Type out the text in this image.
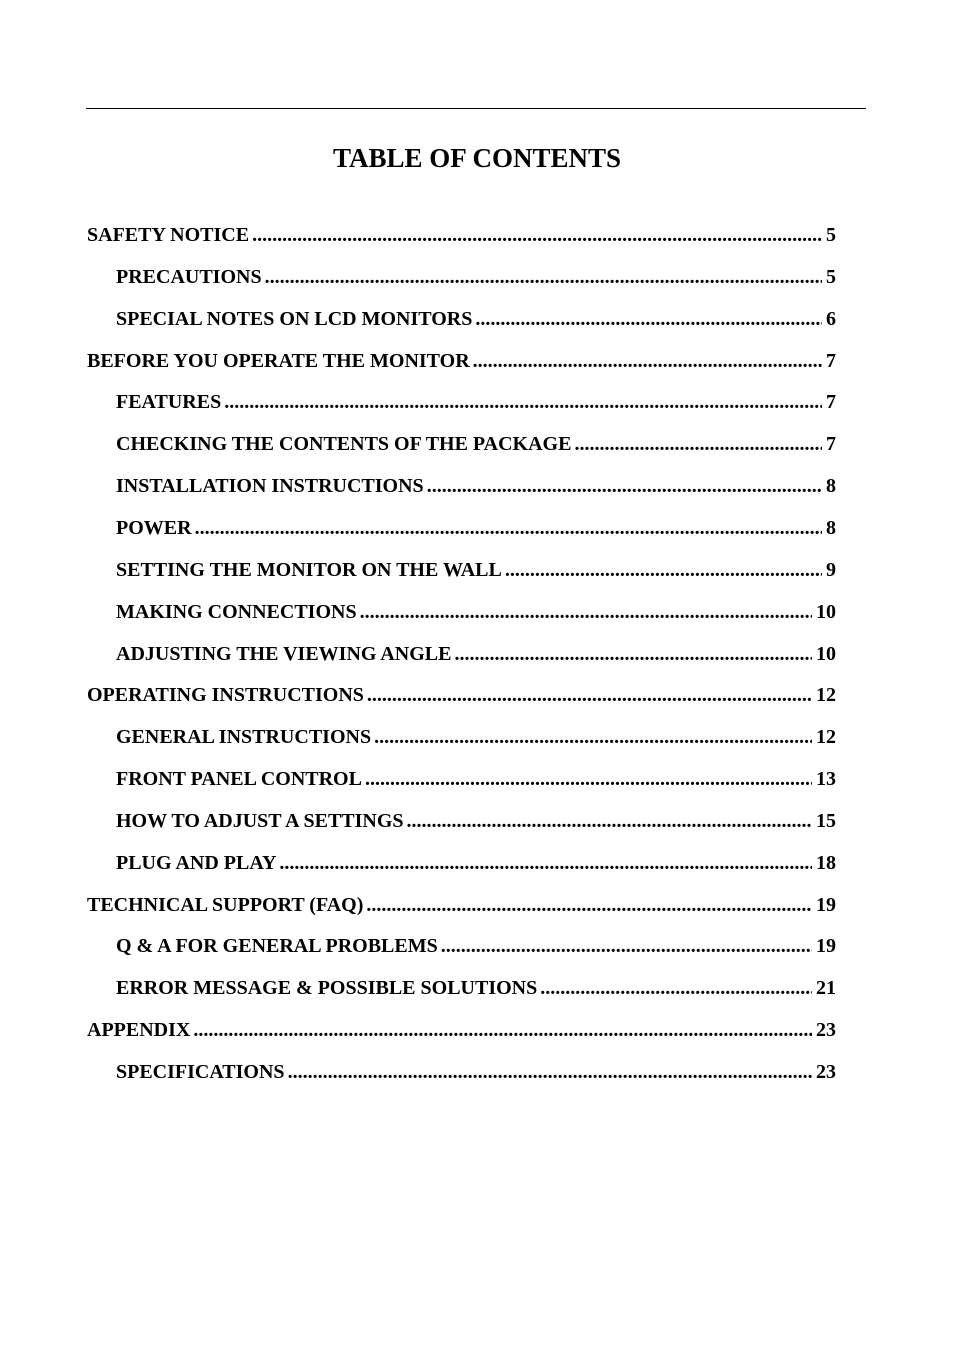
TABLE OF CONTENTS
SAFETY NOTICE .....	5
PRECAUTIONS .....	5
SPECIAL NOTES ON LCD MONITORS .....	6
BEFORE YOU OPERATE THE MONITOR .....	7
FEATURES .....	7
CHECKING THE CONTENTS OF THE PACKAGE .....	7
INSTALLATION INSTRUCTIONS .....	8
POWER .....	8
SETTING THE MONITOR ON THE WALL .....	9
MAKING CONNECTIONS .....	10
ADJUSTING THE VIEWING ANGLE .....	10
OPERATING INSTRUCTIONS .....	12
GENERAL INSTRUCTIONS .....	12
FRONT PANEL CONTROL .....	13
HOW TO ADJUST A SETTINGS .....	15
PLUG AND PLAY .....	18
TECHNICAL SUPPORT (FAQ) .....	19
Q & A FOR GENERAL PROBLEMS .....	19
ERROR MESSAGE & POSSIBLE SOLUTIONS .....	21
APPENDIX .....	23
SPECIFICATIONS .....	23
